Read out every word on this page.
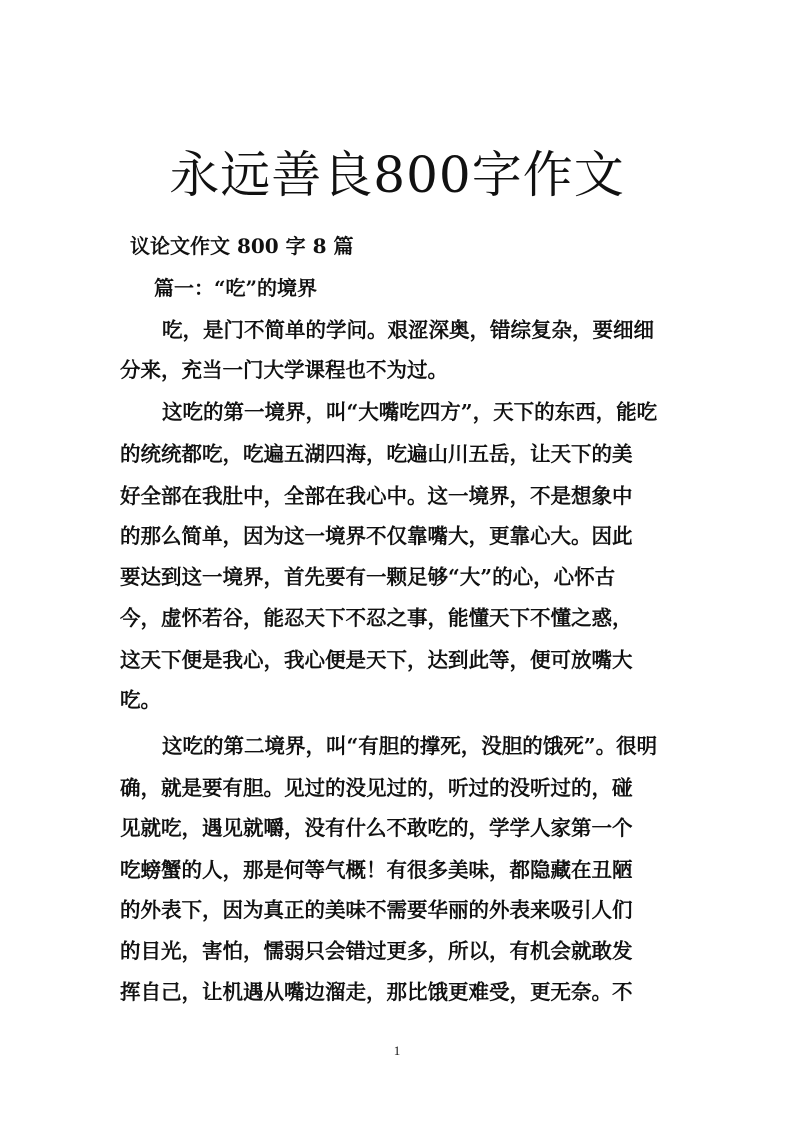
永远善良800字作文
议论文作文 800 字 8 篇
篇一：“吃”的境界

吃，是门不简单的学问。艰涩深奥，错综复杂，要细细

分来，充当一门大学课程也不为过。

这吃的第一境界，叫“大嘴吃四方”，天下的东西，能吃

的统统都吃，吃遍五湖四海，吃遍山川五岳，让天下的美

好全部在我肚中，全部在我心中。这一境界，不是想象中

的那么简单，因为这一境界不仅靠嘴大，更靠心大。因此

要达到这一境界，首先要有一颗足够“大”的心，心怀古

今，虚怀若谷，能忍天下不忍之事，能懂天下不懂之惑，

这天下便是我心，我心便是天下，达到此等，便可放嘴大

吃。

这吃的第二境界，叫“有胆的撑死，没胆的饿死”。很明

确，就是要有胆。见过的没见过的，听过的没听过的，碰

见就吃，遇见就嚼，没有什么不敢吃的，学学人家第一个

吃螃蟹的人，那是何等气概！有很多美味，都隐藏在丑陋

的外表下，因为真正的美味不需要华丽的外表来吸引人们

的目光，害怕，懦弱只会错过更多，所以，有机会就敢发

挥自己，让机遇从嘴边溜走，那比饿更难受，更无奈。不

1
